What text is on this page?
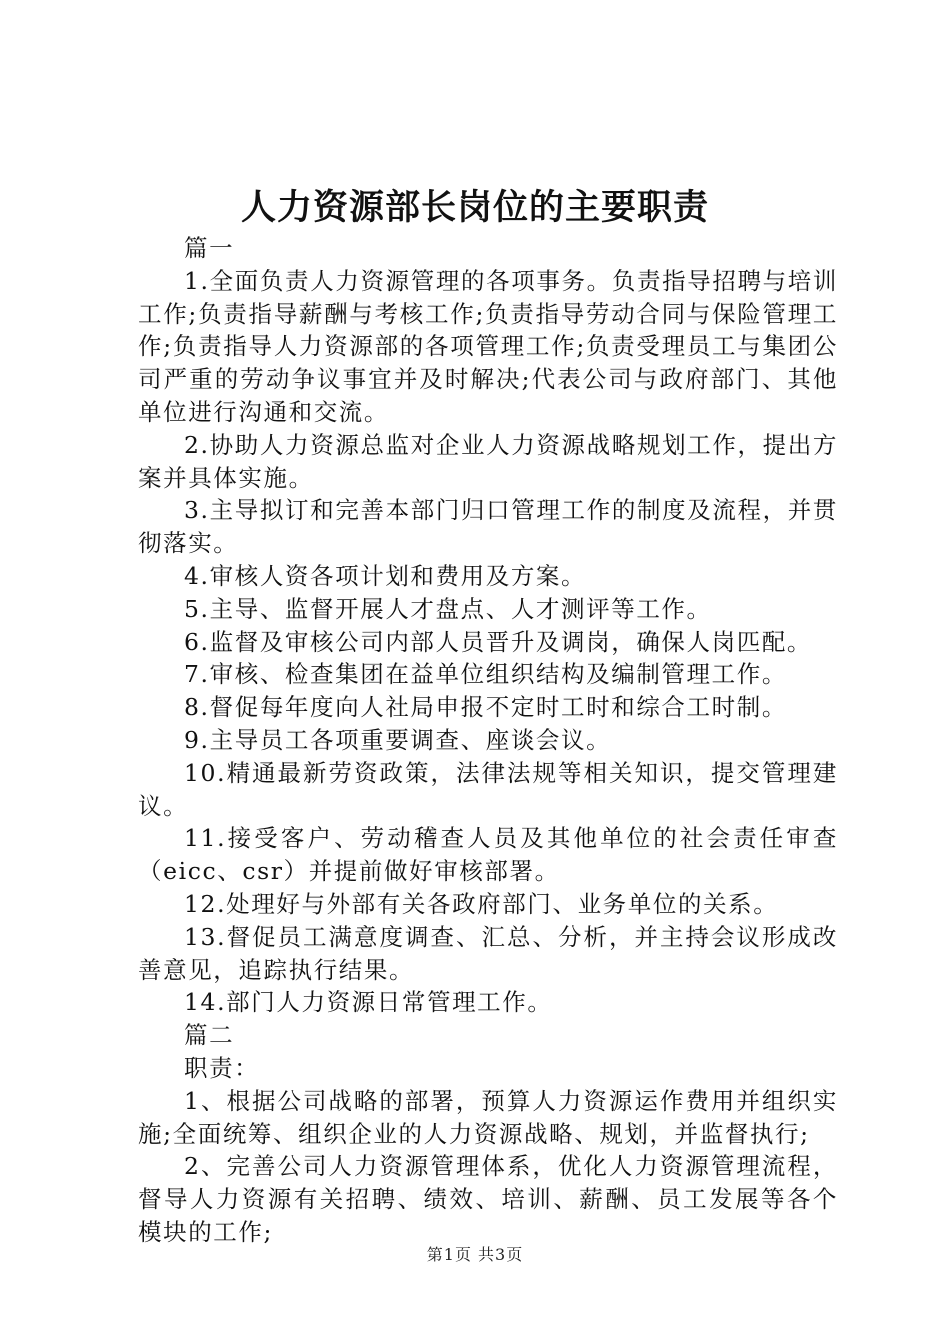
人力资源部长岗位的主要职责

篇一

1.全面负责人力资源管理的各项事务。负责指导招聘与培训工作;负责指导薪酬与考核工作;负责指导劳动合同与保险管理工作;负责指导人力资源部的各项管理工作;负责受理员工与集团公司严重的劳动争议事宜并及时解决;代表公司与政府部门、其他单位进行沟通和交流。

2.协助人力资源总监对企业人力资源战略规划工作，提出方案并具体实施。

3.主导拟订和完善本部门归口管理工作的制度及流程，并贯彻落实。

4.审核人资各项计划和费用及方案。

5.主导、监督开展人才盘点、人才测评等工作。

6.监督及审核公司内部人员晋升及调岗，确保人岗匹配。

7.审核、检查集团在益单位组织结构及编制管理工作。

8.督促每年度向人社局申报不定时工时和综合工时制。

9.主导员工各项重要调查、座谈会议。

10.精通最新劳资政策，法律法规等相关知识，提交管理建议。

11.接受客户、劳动稽查人员及其他单位的社会责任审查（eicc、csr）并提前做好审核部署。

12.处理好与外部有关各政府部门、业务单位的关系。

13.督促员工满意度调查、汇总、分析，并主持会议形成改善意见，追踪执行结果。

14.部门人力资源日常管理工作。

篇二

职责：

1、根据公司战略的部署，预算人力资源运作费用并组织实施;全面统筹、组织企业的人力资源战略、规划，并监督执行;

2、完善公司人力资源管理体系，优化人力资源管理流程，督导人力资源有关招聘、绩效、培训、薪酬、员工发展等各个模块的工作;

第1页 共3页
